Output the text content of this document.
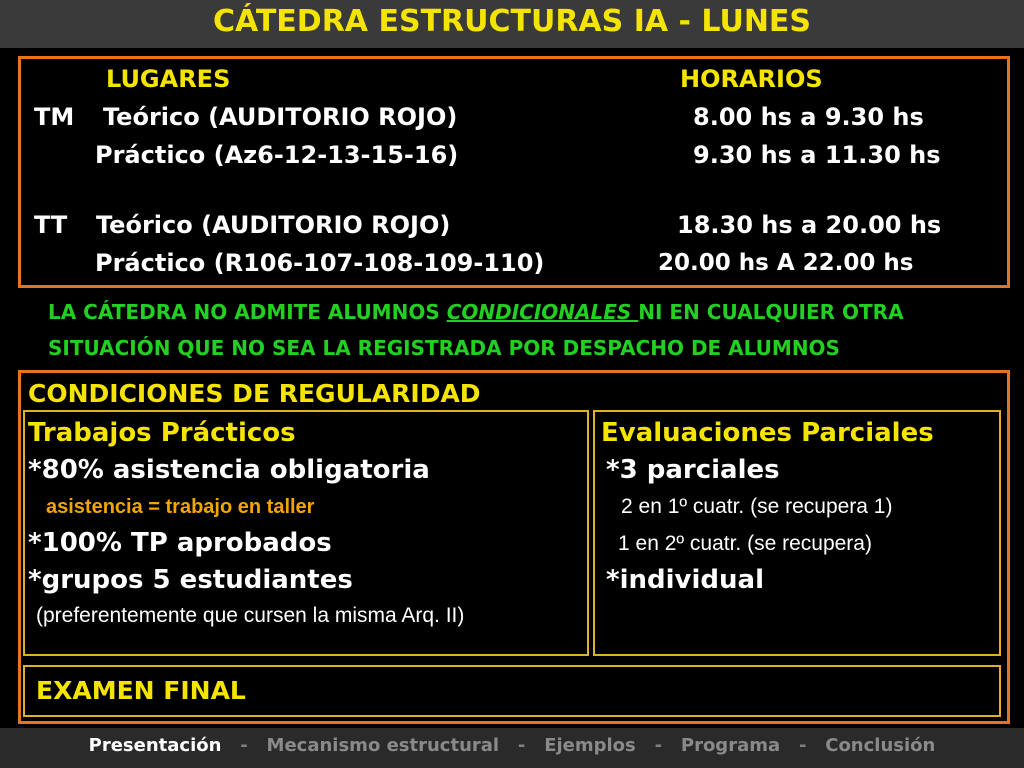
CÁTEDRA ESTRUCTURAS IA - LUNES
LUGARES	HORARIOS
TM Teórico (AUDITORIO ROJO)	8.00 hs a 9.30 hs
Práctico (Az6-12-13-15-16)	9.30 hs a 11.30 hs
TT Teórico (AUDITORIO ROJO)	18.30 hs a 20.00 hs
Práctico (R106-107-108-109-110)	20.00 hs A 22.00 hs
LA CÁTEDRA NO ADMITE ALUMNOS CONDICIONALES NI EN CUALQUIER OTRA
SITUACIÓN QUE NO SEA LA REGISTRADA POR DESPACHO DE ALUMNOS
CONDICIONES DE REGULARIDAD
Trabajos Prácticos
*80% asistencia obligatoria
asistencia = trabajo en taller
*100% TP aprobados
*grupos 5 estudiantes
(preferentemente que cursen la misma Arq. II)
Evaluaciones Parciales
*3 parciales
2 en 1º cuatr. (se recupera 1)
1 en 2º cuatr. (se recupera)
*individual
EXAMEN FINAL
Presentación   -   Mecanismo estructural   -   Ejemplos   -   Programa   -   Conclusión
